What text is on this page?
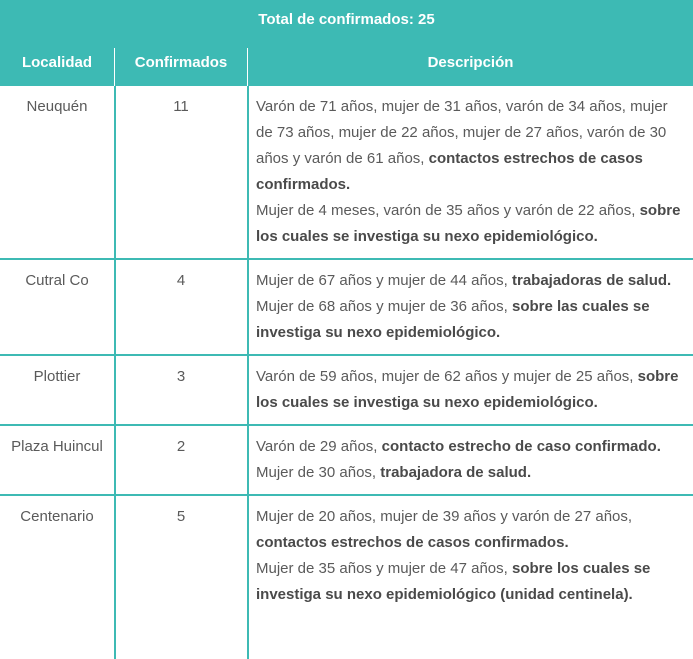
Total de confirmados: 25
Localidad	Confirmados	Descripción
Neuquén	11	Varón de 71 años, mujer de 31 años, varón de 34 años, mujer de 73 años, mujer de 22 años, mujer de 27 años, varón de 30 años y varón de 61 años, contactos estrechos de casos confirmados.
Mujer de 4 meses, varón de 35 años y varón de 22 años, sobre los cuales se investiga su nexo epidemiológico.
Cutral Co	4	Mujer de 67 años y mujer de 44 años, trabajadoras de salud.
Mujer de 68 años y mujer de 36 años, sobre las cuales se investiga su nexo epidemiológico.
Plottier	3	Varón de 59 años, mujer de 62 años y mujer de 25 años, sobre los cuales se investiga su nexo epidemiológico.
Plaza Huincul	2	Varón de 29 años, contacto estrecho de caso confirmado.
Mujer de 30 años, trabajadora de salud.
Centenario	5	Mujer de 20 años, mujer de 39 años y varón de 27 años, contactos estrechos de casos confirmados.
Mujer de 35 años y mujer de 47 años, sobre los cuales se investiga su nexo epidemiológico (unidad centinela).
